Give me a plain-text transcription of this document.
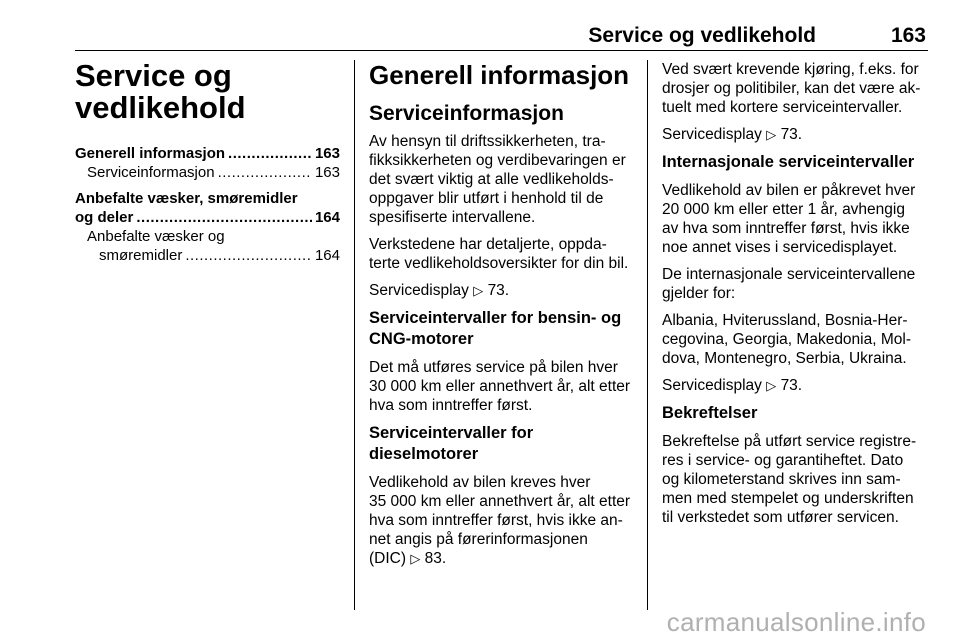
Service og vedlikehold	163
Service og
vedlikehold
Generell informasjon .....	163
Serviceinformasjon .....	163
Anbefalte væsker, smøremidler
og deler .....	164
Anbefalte væsker og
smøremidler .....	164
Generell informasjon
Serviceinformasjon

Av hensyn til driftssikkerheten, tra-
fikksikkerheten og verdibevaringen er
det svært viktig at alle vedlikeholds-
oppgaver blir utført i henhold til de
spesifiserte intervallene.

Verkstedene har detaljerte, oppda-
terte vedlikeholdsoversikter for din bil.

Servicedisplay ▷ 73.

Serviceintervaller for bensin- og
CNG-motorer

Det må utføres service på bilen hver
30 000 km eller annethvert år, alt etter
hva som inntreffer først.

Serviceintervaller for
dieselmotorer

Vedlikehold av bilen kreves hver
35 000 km eller annethvert år, alt etter
hva som inntreffer først, hvis ikke an-
net angis på førerinformasjonen
(DIC) ▷ 83.

Ved svært krevende kjøring, f.eks. for
drosjer og politibiler, kan det være ak-
tuelt med kortere serviceintervaller.

Servicedisplay ▷ 73.

Internasjonale serviceintervaller

Vedlikehold av bilen er påkrevet hver
20 000 km eller etter 1 år, avhengig
av hva som inntreffer først, hvis ikke
noe annet vises i servicedisplayet.

De internasjonale serviceintervallene
gjelder for:

Albania, Hviterussland, Bosnia-Her-
cegovina, Georgia, Makedonia, Mol-
dova, Montenegro, Serbia, Ukraina.

Servicedisplay ▷ 73.

Bekreftelser

Bekreftelse på utført service registre-
res i service- og garantiheftet. Dato
og kilometerstand skrives inn sam-
men med stempelet og underskriften
til verkstedet som utfører servicen.

carmanualsonline.info
